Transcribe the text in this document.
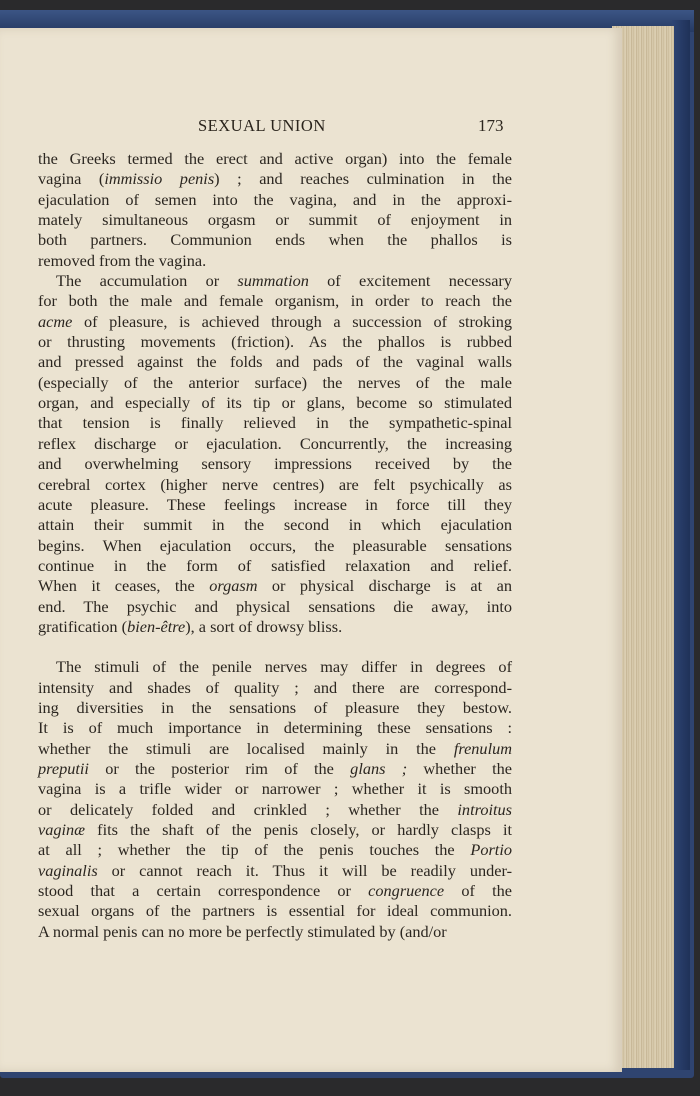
SEXUAL UNION	173
the Greeks termed the erect and active organ) into the female
vagina (immissio penis) ; and reaches culmination in the
ejaculation of semen into the vagina, and in the approxi-
mately simultaneous orgasm or summit of enjoyment in
both partners. Communion ends when the phallos is
removed from the vagina.
The accumulation or summation of excitement necessary
for both the male and female organism, in order to reach the
acme of pleasure, is achieved through a succession of stroking
or thrusting movements (friction). As the phallos is rubbed
and pressed against the folds and pads of the vaginal walls
(especially of the anterior surface) the nerves of the male
organ, and especially of its tip or glans, become so stimulated
that tension is finally relieved in the sympathetic-spinal
reflex discharge or ejaculation. Concurrently, the increasing
and overwhelming sensory impressions received by the
cerebral cortex (higher nerve centres) are felt psychically as
acute pleasure. These feelings increase in force till they
attain their summit in the second in which ejaculation
begins. When ejaculation occurs, the pleasurable sensations
continue in the form of satisfied relaxation and relief.
When it ceases, the orgasm or physical discharge is at an
end. The psychic and physical sensations die away, into
gratification (bien-être), a sort of drowsy bliss.
The stimuli of the penile nerves may differ in degrees of
intensity and shades of quality ; and there are correspond-
ing diversities in the sensations of pleasure they bestow.
It is of much importance in determining these sensations :
whether the stimuli are localised mainly in the frenulum
preputii or the posterior rim of the glans ; whether the
vagina is a trifle wider or narrower ; whether it is smooth
or delicately folded and crinkled ; whether the introitus
vaginæ fits the shaft of the penis closely, or hardly clasps it
at all ; whether the tip of the penis touches the Portio
vaginalis or cannot reach it. Thus it will be readily under-
stood that a certain correspondence or congruence of the
sexual organs of the partners is essential for ideal communion.
A normal penis can no more be perfectly stimulated by (and/or
